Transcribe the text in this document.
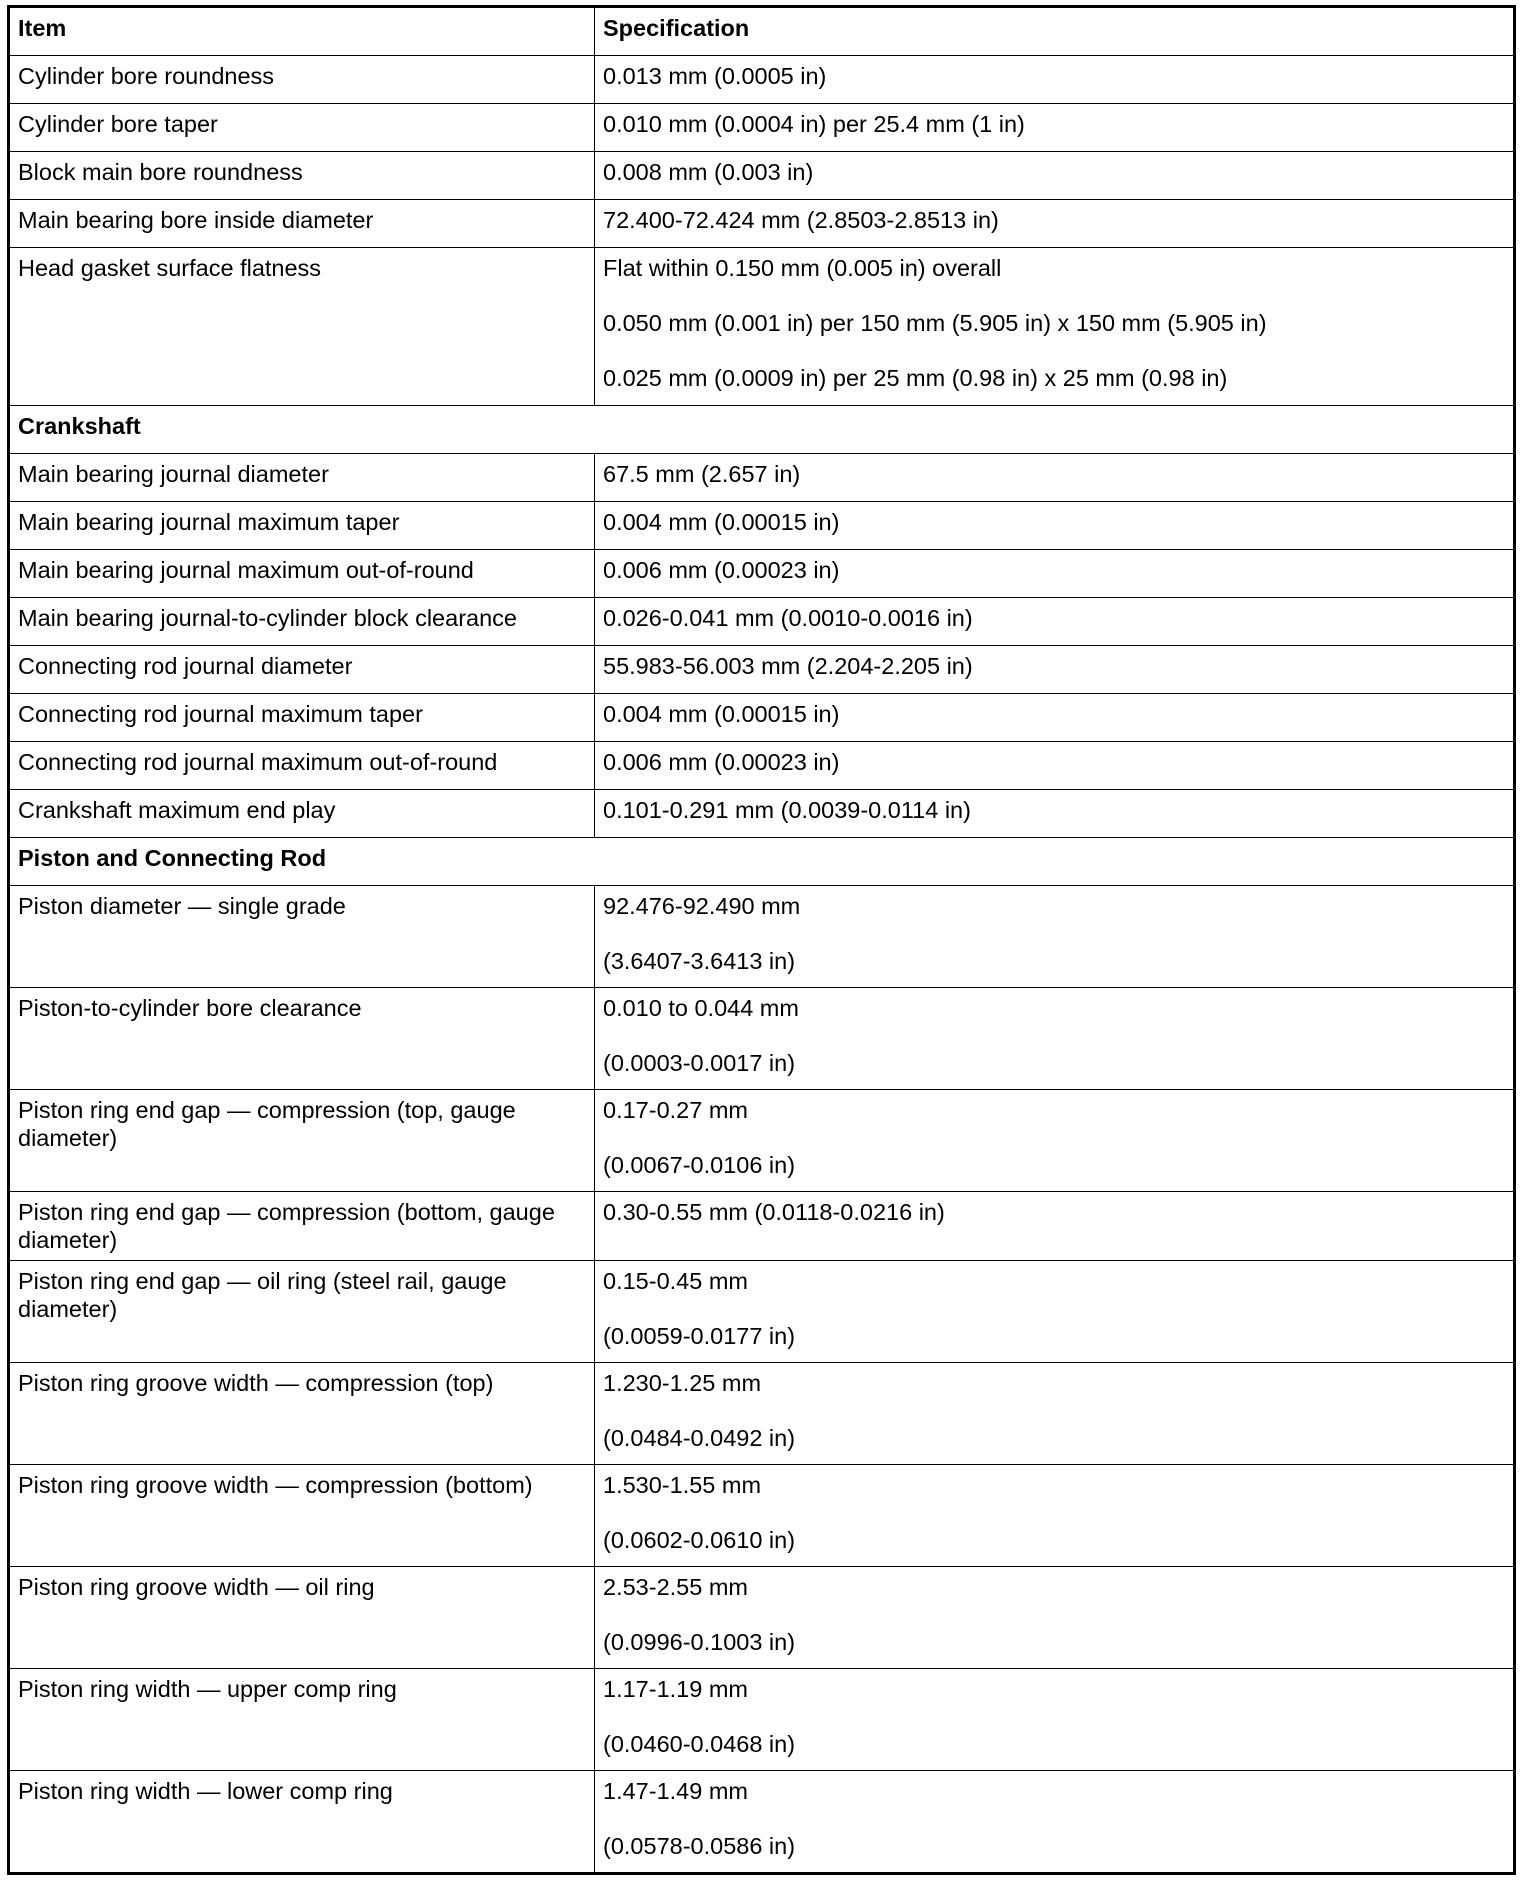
Item	Specification
Cylinder bore roundness	0.013 mm (0.0005 in)

Cylinder bore taper	0.010 mm (0.0004 in) per 25.4 mm (1 in)

Block main bore roundness	0.008 mm (0.003 in)

Main bearing bore inside diameter	72.400-72.424 mm (2.8503-2.8513 in)

Head gasket surface flatness	Flat within 0.150 mm (0.005 in) overall
0.050 mm (0.001 in) per 150 mm (5.905 in) x 150 mm (5.905 in)
0.025 mm (0.0009 in) per 25 mm (0.98 in) x 25 mm (0.98 in)

Crankshaft	
Main bearing journal diameter	67.5 mm (2.657 in)

Main bearing journal maximum taper	0.004 mm (0.00015 in)

Main bearing journal maximum out-of-round	0.006 mm (0.00023 in)

Main bearing journal-to-cylinder block clearance	0.026-0.041 mm (0.0010-0.0016 in)

Connecting rod journal diameter	55.983-56.003 mm (2.204-2.205 in)

Connecting rod journal maximum taper	0.004 mm (0.00015 in)

Connecting rod journal maximum out-of-round	0.006 mm (0.00023 in)

Crankshaft maximum end play	0.101-0.291 mm (0.0039-0.0114 in)

Piston and Connecting Rod	
Piston diameter — single grade	92.476-92.490 mm
(3.6407-3.6413 in)

Piston-to-cylinder bore clearance	0.010 to 0.044 mm
(0.0003-0.0017 in)

Piston ring end gap — compression (top, gauge diameter)	0.17-0.27 mm
(0.0067-0.0106 in)

Piston ring end gap — compression (bottom, gauge diameter)	0.30-0.55 mm (0.0118-0.0216 in)

Piston ring end gap — oil ring (steel rail, gauge diameter)	0.15-0.45 mm
(0.0059-0.0177 in)

Piston ring groove width — compression (top)	1.230-1.25 mm
(0.0484-0.0492 in)

Piston ring groove width — compression (bottom)	1.530-1.55 mm
(0.0602-0.0610 in)

Piston ring groove width — oil ring	2.53-2.55 mm
(0.0996-0.1003 in)

Piston ring width — upper comp ring	1.17-1.19 mm
(0.0460-0.0468 in)

Piston ring width — lower comp ring	1.47-1.49 mm
(0.0578-0.0586 in)
